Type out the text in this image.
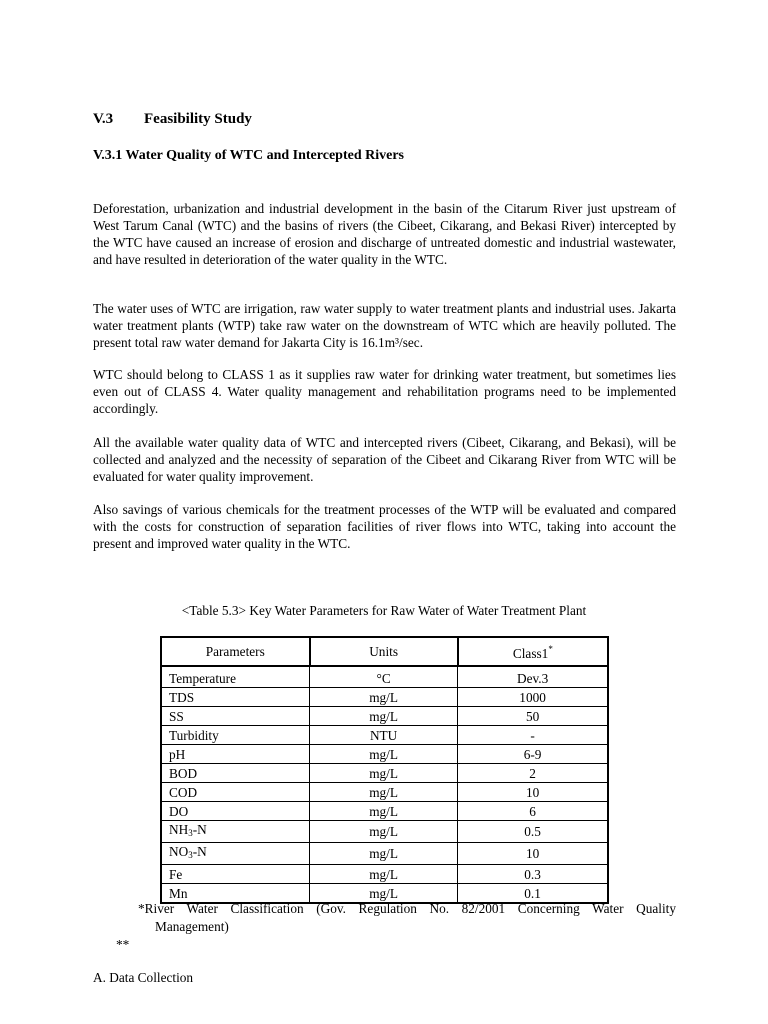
V.3 Feasibility Study
V.3.1 Water Quality of WTC and Intercepted Rivers

Deforestation, urbanization and industrial development in the basin of the Citarum River just upstream of West Tarum Canal (WTC) and the basins of rivers (the Cibeet, Cikarang, and Bekasi River) intercepted by the WTC have caused an increase of erosion and discharge of untreated domestic and industrial wastewater, and have resulted in deterioration of the water quality in the WTC.

The water uses of WTC are irrigation, raw water supply to water treatment plants and industrial uses. Jakarta water treatment plants (WTP) take raw water on the downstream of WTC which are heavily polluted. The present total raw water demand for Jakarta City is 16.1m³/sec.

WTC should belong to CLASS 1 as it supplies raw water for drinking water treatment, but sometimes lies even out of CLASS 4. Water quality management and rehabilitation programs need to be implemented accordingly.

All the available water quality data of WTC and intercepted rivers (Cibeet, Cikarang, and Bekasi), will be collected and analyzed and the necessity of separation of the Cibeet and Cikarang River from WTC will be evaluated for water quality improvement.

Also savings of various chemicals for the treatment processes of the WTP will be evaluated and compared with the costs for construction of separation facilities of river flows into WTC, taking into account the present and improved water quality in the WTC.

<Table 5.3> Key Water Parameters for Raw Water of Water Treatment Plant
Parameters	Units	Class1*
Temperature	°C	Dev.3
TDS	mg/L	1000
SS	mg/L	50
Turbidity	NTU	-
pH	mg/L	6-9
BOD	mg/L	2
COD	mg/L	10
DO	mg/L	6
$NH_3-N$	mg/L	0.5
$NO_3-N$	mg/L	10
Fe	mg/L	0.3
Mn	mg/L	0.1

*River Water Classification (Gov. Regulation No. 82/2001 Concerning Water Quality

Management)
**
A. Data Collection
